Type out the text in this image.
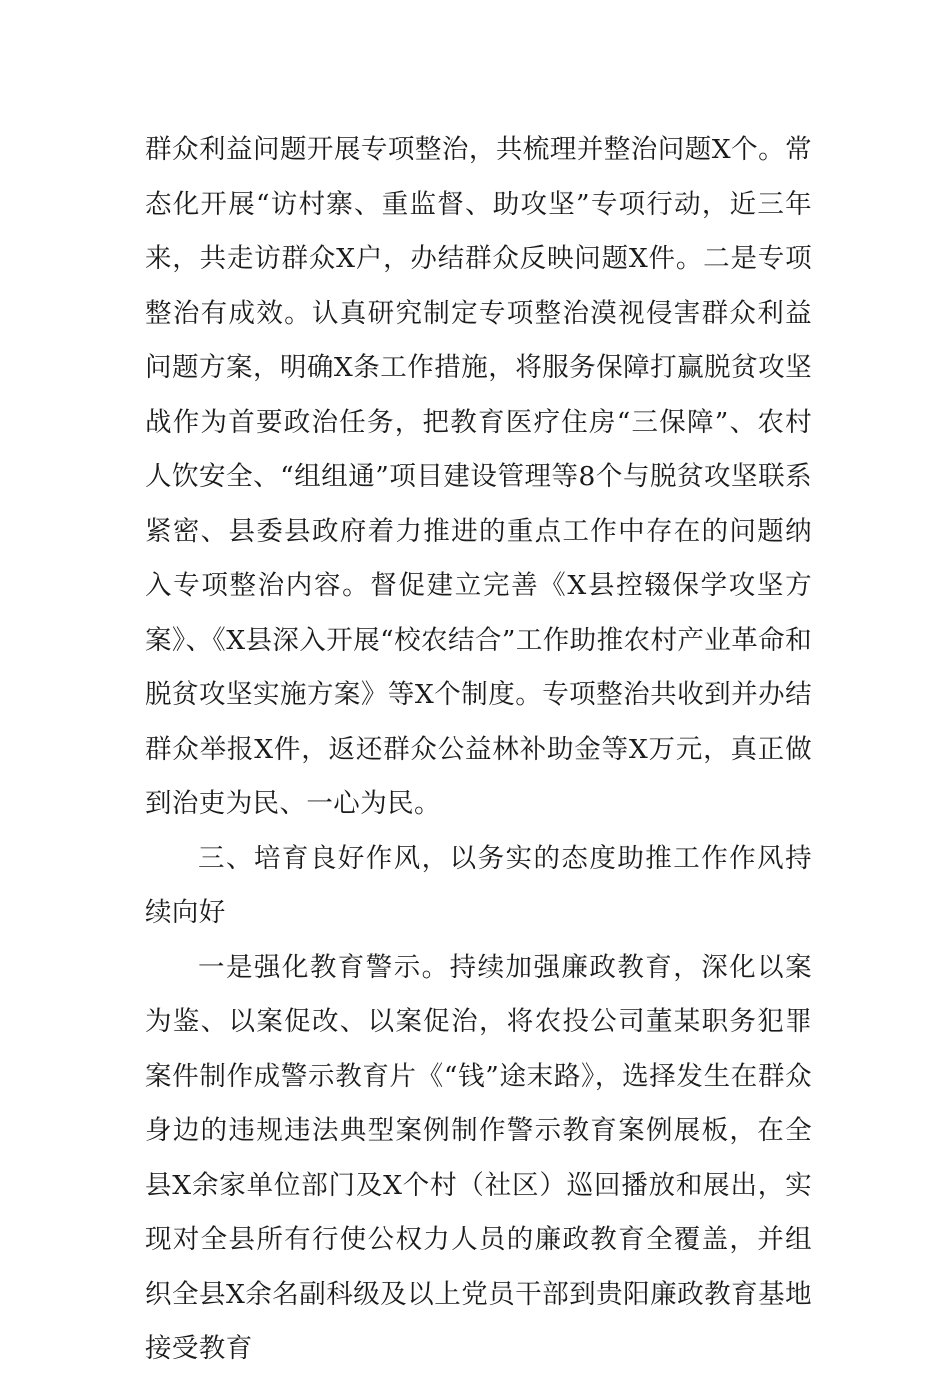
群众利益问题开展专项整治，共梳理并整治问题X个。常态化开展“访村寨、重监督、助攻坚”专项行动，近三年来，共走访群众X户，办结群众反映问题X件。二是专项整治有成效。认真研究制定专项整治漠视侵害群众利益问题方案，明确X条工作措施，将服务保障打赢脱贫攻坚战作为首要政治任务，把教育医疗住房“三保障”、农村人饮安全、“组组通”项目建设管理等8个与脱贫攻坚联系紧密、县委县政府着力推进的重点工作中存在的问题纳入专项整治内容。督促建立完善《X县控辍保学攻坚方案》、《X县深入开展“校农结合”工作助推农村产业革命和脱贫攻坚实施方案》等X个制度。专项整治共收到并办结群众举报X件，返还群众公益林补助金等X万元，真正做到治吏为民、一心为民。

三、培育良好作风，以务实的态度助推工作作风持续向好

一是强化教育警示。持续加强廉政教育，深化以案为鉴、以案促改、以案促治，将农投公司董某职务犯罪案件制作成警示教育片《“钱”途末路》，选择发生在群众身边的违规违法典型案例制作警示教育案例展板，在全县X余家单位部门及X个村（社区）巡回播放和展出，实现对全县所有行使公权力人员的廉政教育全覆盖，并组织全县X余名副科级及以上党员干部到贵阳廉政教育基地接受教育
